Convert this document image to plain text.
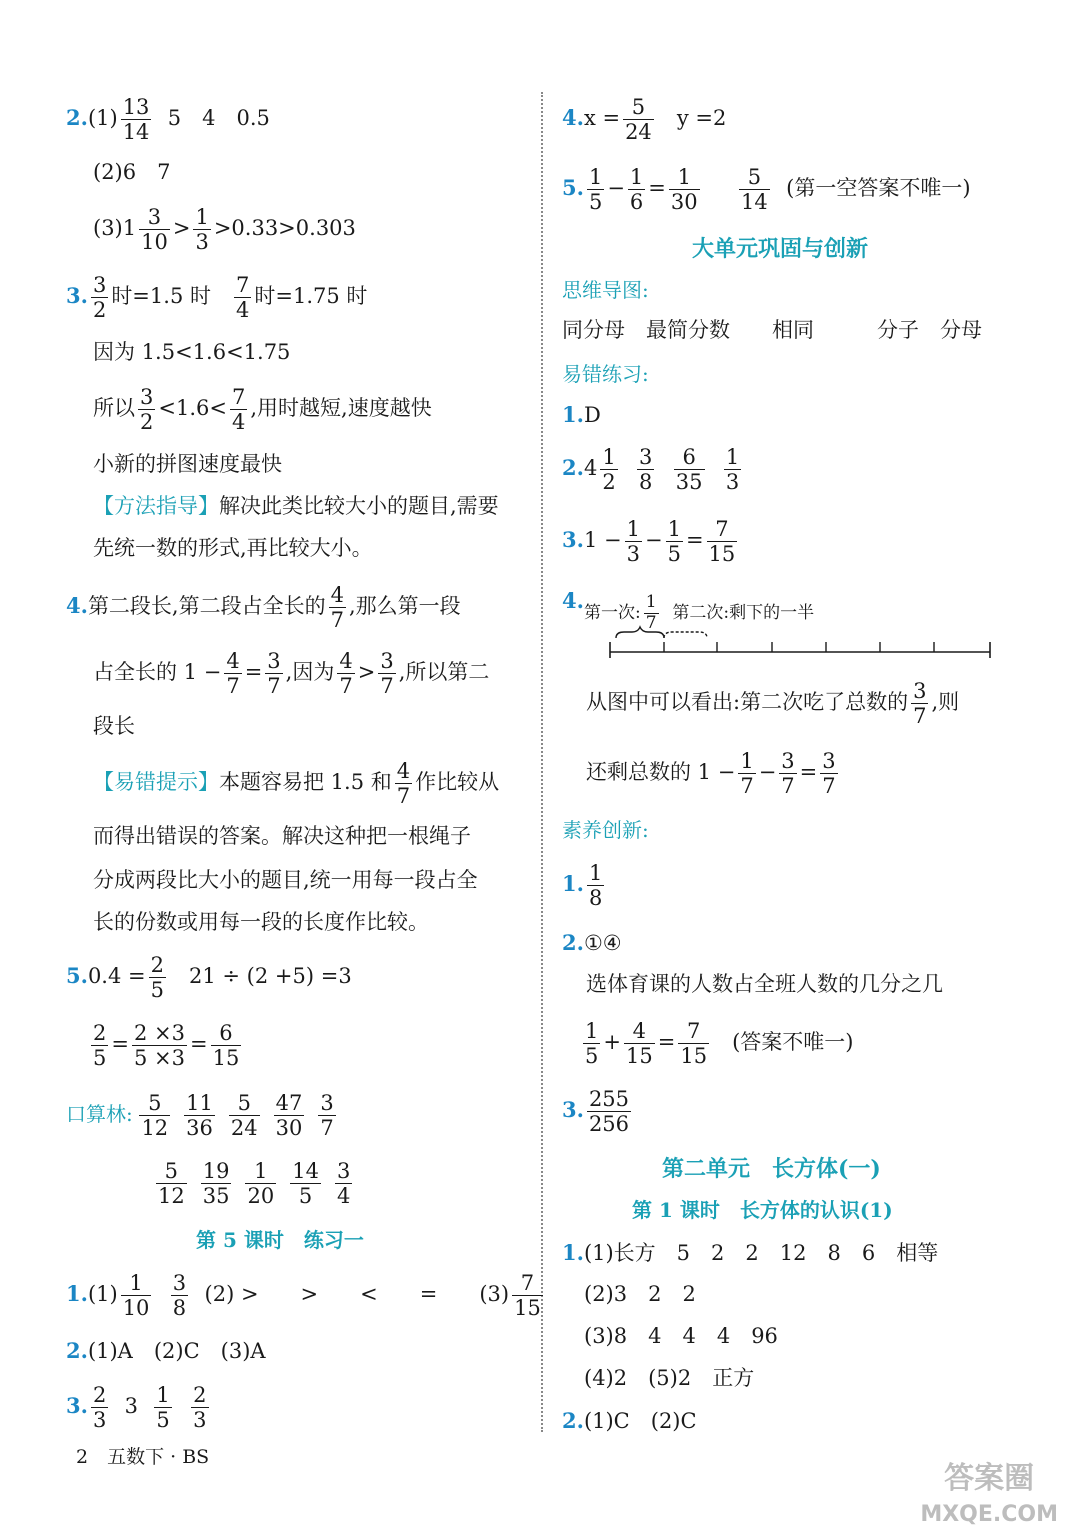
$2.(1) \frac{13}{14} 5$　4　0.5
(2)6　7
$(3)1 \frac{3}{10} > \frac{1}{3} >0.33>0.303$
3. $\frac{3}{2}$ 时=1.5 时 $\frac{7}{4}$ 时=1.75 时
因为 1.5<1.6<1.75
所以 $\frac{3}{2} <1.6< \frac{7}{4}$ ,用时越短,速度越快
小新的拼图速度最快
【方法指导】解决此类比较大小的题目,需要
先统一数的形式,再比较大小。
4.第二段长,第二段占全长的 $\frac{4}{7}$ ,那么第一段
占全长的 $1 - \frac{4}{7} = \frac{3}{7}$ ,因为 $\frac{4}{7} > \frac{3}{7}$ ,所以第二
段长
【易错提示】本题容易把 1.5 和 $\frac{4}{7}$ 作比较从
而得出错误的答案。解决这种把一根绳子
分成两段比大小的题目,统一用每一段占全
长的份数或用每一段的长度作比较。
$5.0.4 = \frac{2}{5} 21 \div (2 +5) =3$
$\frac{2}{5} = \frac{2 \times 3}{5 \times 3} = \frac{6}{15}$
口算林: $\frac{5}{12} \frac{11}{36} \frac{5}{24} \frac{47}{30} \frac{3}{7}$
$\frac{5}{12} \frac{19}{35} \frac{1}{20} \frac{14}{5} \frac{3}{4}$
第 5 课时　练习一
$1.(1) \frac{1}{10}$
$\frac{3}{8} (2)$ >　　>　　<　　=　　$(3) \frac{7}{15}$
2.(1)A　(2)C　(3)A
3. $\frac{2}{3} 3 \frac{1}{5}$
$\frac{2}{3}$
2　五数下 · BS
$4.x = \frac{5}{24}$ y =2
5. $\frac{1}{5} - \frac{1}{6} = \frac{1}{30}$
$\frac{5}{14}$ (第一空答案不唯一)
大单元巩固与创新
思维导图:
同分母　最简分数　　相同　　　分子　分母
易错练习:
1.D
$2.4 \frac{1}{2}$
$\frac{3}{8}$
$\frac{6}{35}$
$\frac{1}{3}$
$3.1 - \frac{1}{3} - \frac{1}{5} = \frac{7}{15}$
4. 第一次: $\frac{1}{7}$ 第二次:剩下的一半
从图中可以看出:第二次吃了总数的 $\frac{3}{7}$ ,则
还剩总数的 $1 - \frac{1}{7} - \frac{3}{7} = \frac{3}{7}$
素养创新:
1. $\frac{1}{8}$
2.①④
选体育课的人数占全班人数的几分之几
$\frac{1}{5} + \frac{4}{15} = \frac{7}{15}$ (答案不唯一)
3. $\frac{255}{256}$
第二单元　长方体(一)
第 1 课时　长方体的认识(1)
1.(1)长方　5　2　2　12　8　6　相等
(2)3　2　2
(3)8　4　4　4　96
(4)2　(5)2　正方
2.(1)C　(2)C
答案圈
MXQE.COM
